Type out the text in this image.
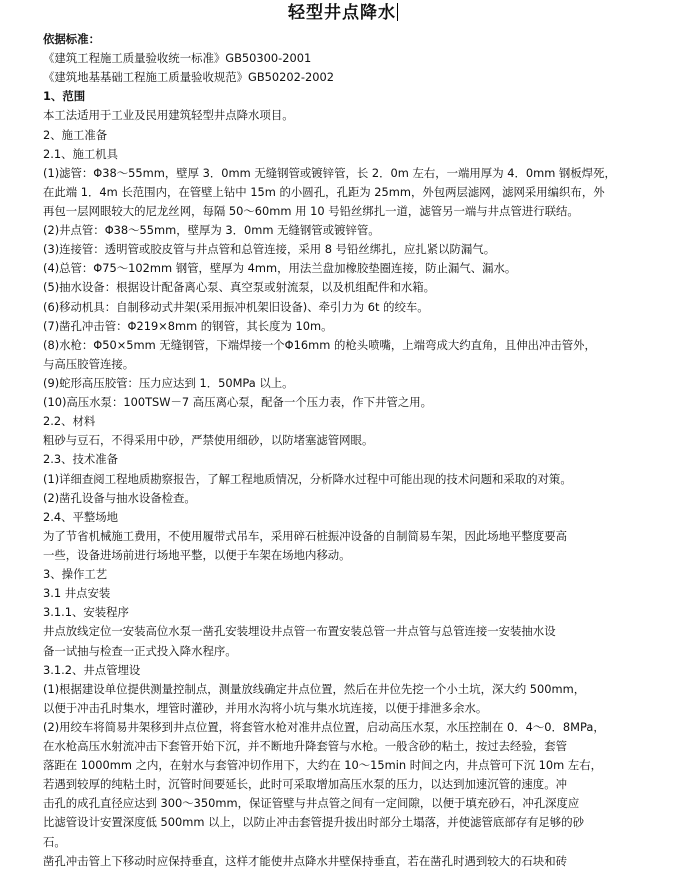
轻型井点降水
依据标准：
《建筑工程施工质量验收统一标准》GB50300-2001
《建筑地基基础工程施工质量验收规范》GB50202-2002
1、范围
本工法适用于工业及民用建筑轻型井点降水项目。
2、施工准备
2.1、施工机具
(1)滤管：Φ38～55mm，壁厚 3．0mm 无缝钢管或镀锌管，长 2．0m 左右，一端用厚为 4．0mm 钢板焊死，
在此端 1．4m 长范围内，在管壁上钻中 15m 的小圆孔，孔距为 25mm，外包两层滤网，滤网采用编织布，外
再包一层网眼较大的尼龙丝网，每隔 50～60mm 用 10 号铅丝绑扎一道，滤管另一端与井点管进行联结。
(2)井点管：Φ38～55mm，壁厚为 3．0mm 无缝钢管或镀锌管。
(3)连接管：透明管或胶皮管与井点管和总管连接，采用 8 号铅丝绑扎，应扎紧以防漏气。
(4)总管：Φ75～102mm 钢管，壁厚为 4mm，用法兰盘加橡胶垫圈连接，防止漏气、漏水。
(5)抽水设备：根据设计配备离心泵、真空泵或射流泵，以及机组配件和水箱。
(6)移动机具：自制移动式井架(采用振冲机架旧设备)、牵引力为 6t 的绞车。
(7)凿孔冲击管：Φ219×8mm 的钢管，其长度为 10m。
(8)水枪：Φ50×5mm 无缝钢管，下端焊接一个Φ16mm 的枪头喷嘴，上端弯成大约直角，且伸出冲击管外，
与高压胶管连接。
(9)蛇形高压胶管：压力应达到 1．50MPa 以上。
(10)高压水泵：100TSW－7 高压离心泵，配备一个压力表，作下井管之用。
2.2、材料
粗砂与豆石，不得采用中砂，严禁使用细砂，以防堵塞滤管网眼。
2.3、技术准备
(1)详细查阅工程地质勘察报告，了解工程地质情况，分析降水过程中可能出现的技术问题和采取的对策。
(2)凿孔设备与抽水设备检查。
2.4、平整场地
为了节省机械施工费用，不使用履带式吊车，采用碎石桩振冲设备的自制简易车架，因此场地平整度要高
一些，设备进场前进行场地平整，以便于车架在场地内移动。
3、操作工艺
3.1 井点安装
3.1.1、安装程序
井点放线定位一安装高位水泵一凿孔安装埋设井点管一布置安装总管一井点管与总管连接一安装抽水设
备一试抽与检查一正式投入降水程序。
3.1.2、井点管埋设
(1)根据建设单位提供测量控制点，测量放线确定井点位置，然后在井位先挖一个小土坑，深大约 500mm，
以便于冲击孔时集水，埋管时灌砂，并用水沟将小坑与集水坑连接，以便于排泄多余水。
(2)用绞车将简易井架移到井点位置，将套管水枪对准井点位置，启动高压水泵，水压控制在 0．4～0．8MPa，
在水枪高压水射流冲击下套管开始下沉，并不断地升降套管与水枪。一般含砂的粘土，按过去经验，套管
落距在 1000mm 之内，在射水与套管冲切作用下，大约在 10～15min 时间之内，井点管可下沉 10m 左右，
若遇到较厚的纯粘土时，沉管时间要延长，此时可采取增加高压水泵的压力，以达到加速沉管的速度。冲
击孔的成孔直径应达到 300～350mm，保证管壁与井点管之间有一定间隙，以便于填充砂石，冲孔深度应
比滤管设计安置深度低 500mm 以上，以防止冲击套管提升拔出时部分土塌落，并使滤管底部存有足够的砂
石。
凿孔冲击管上下移动时应保持垂直，这样才能使井点降水井壁保持垂直，若在凿孔时遇到较大的石块和砖
